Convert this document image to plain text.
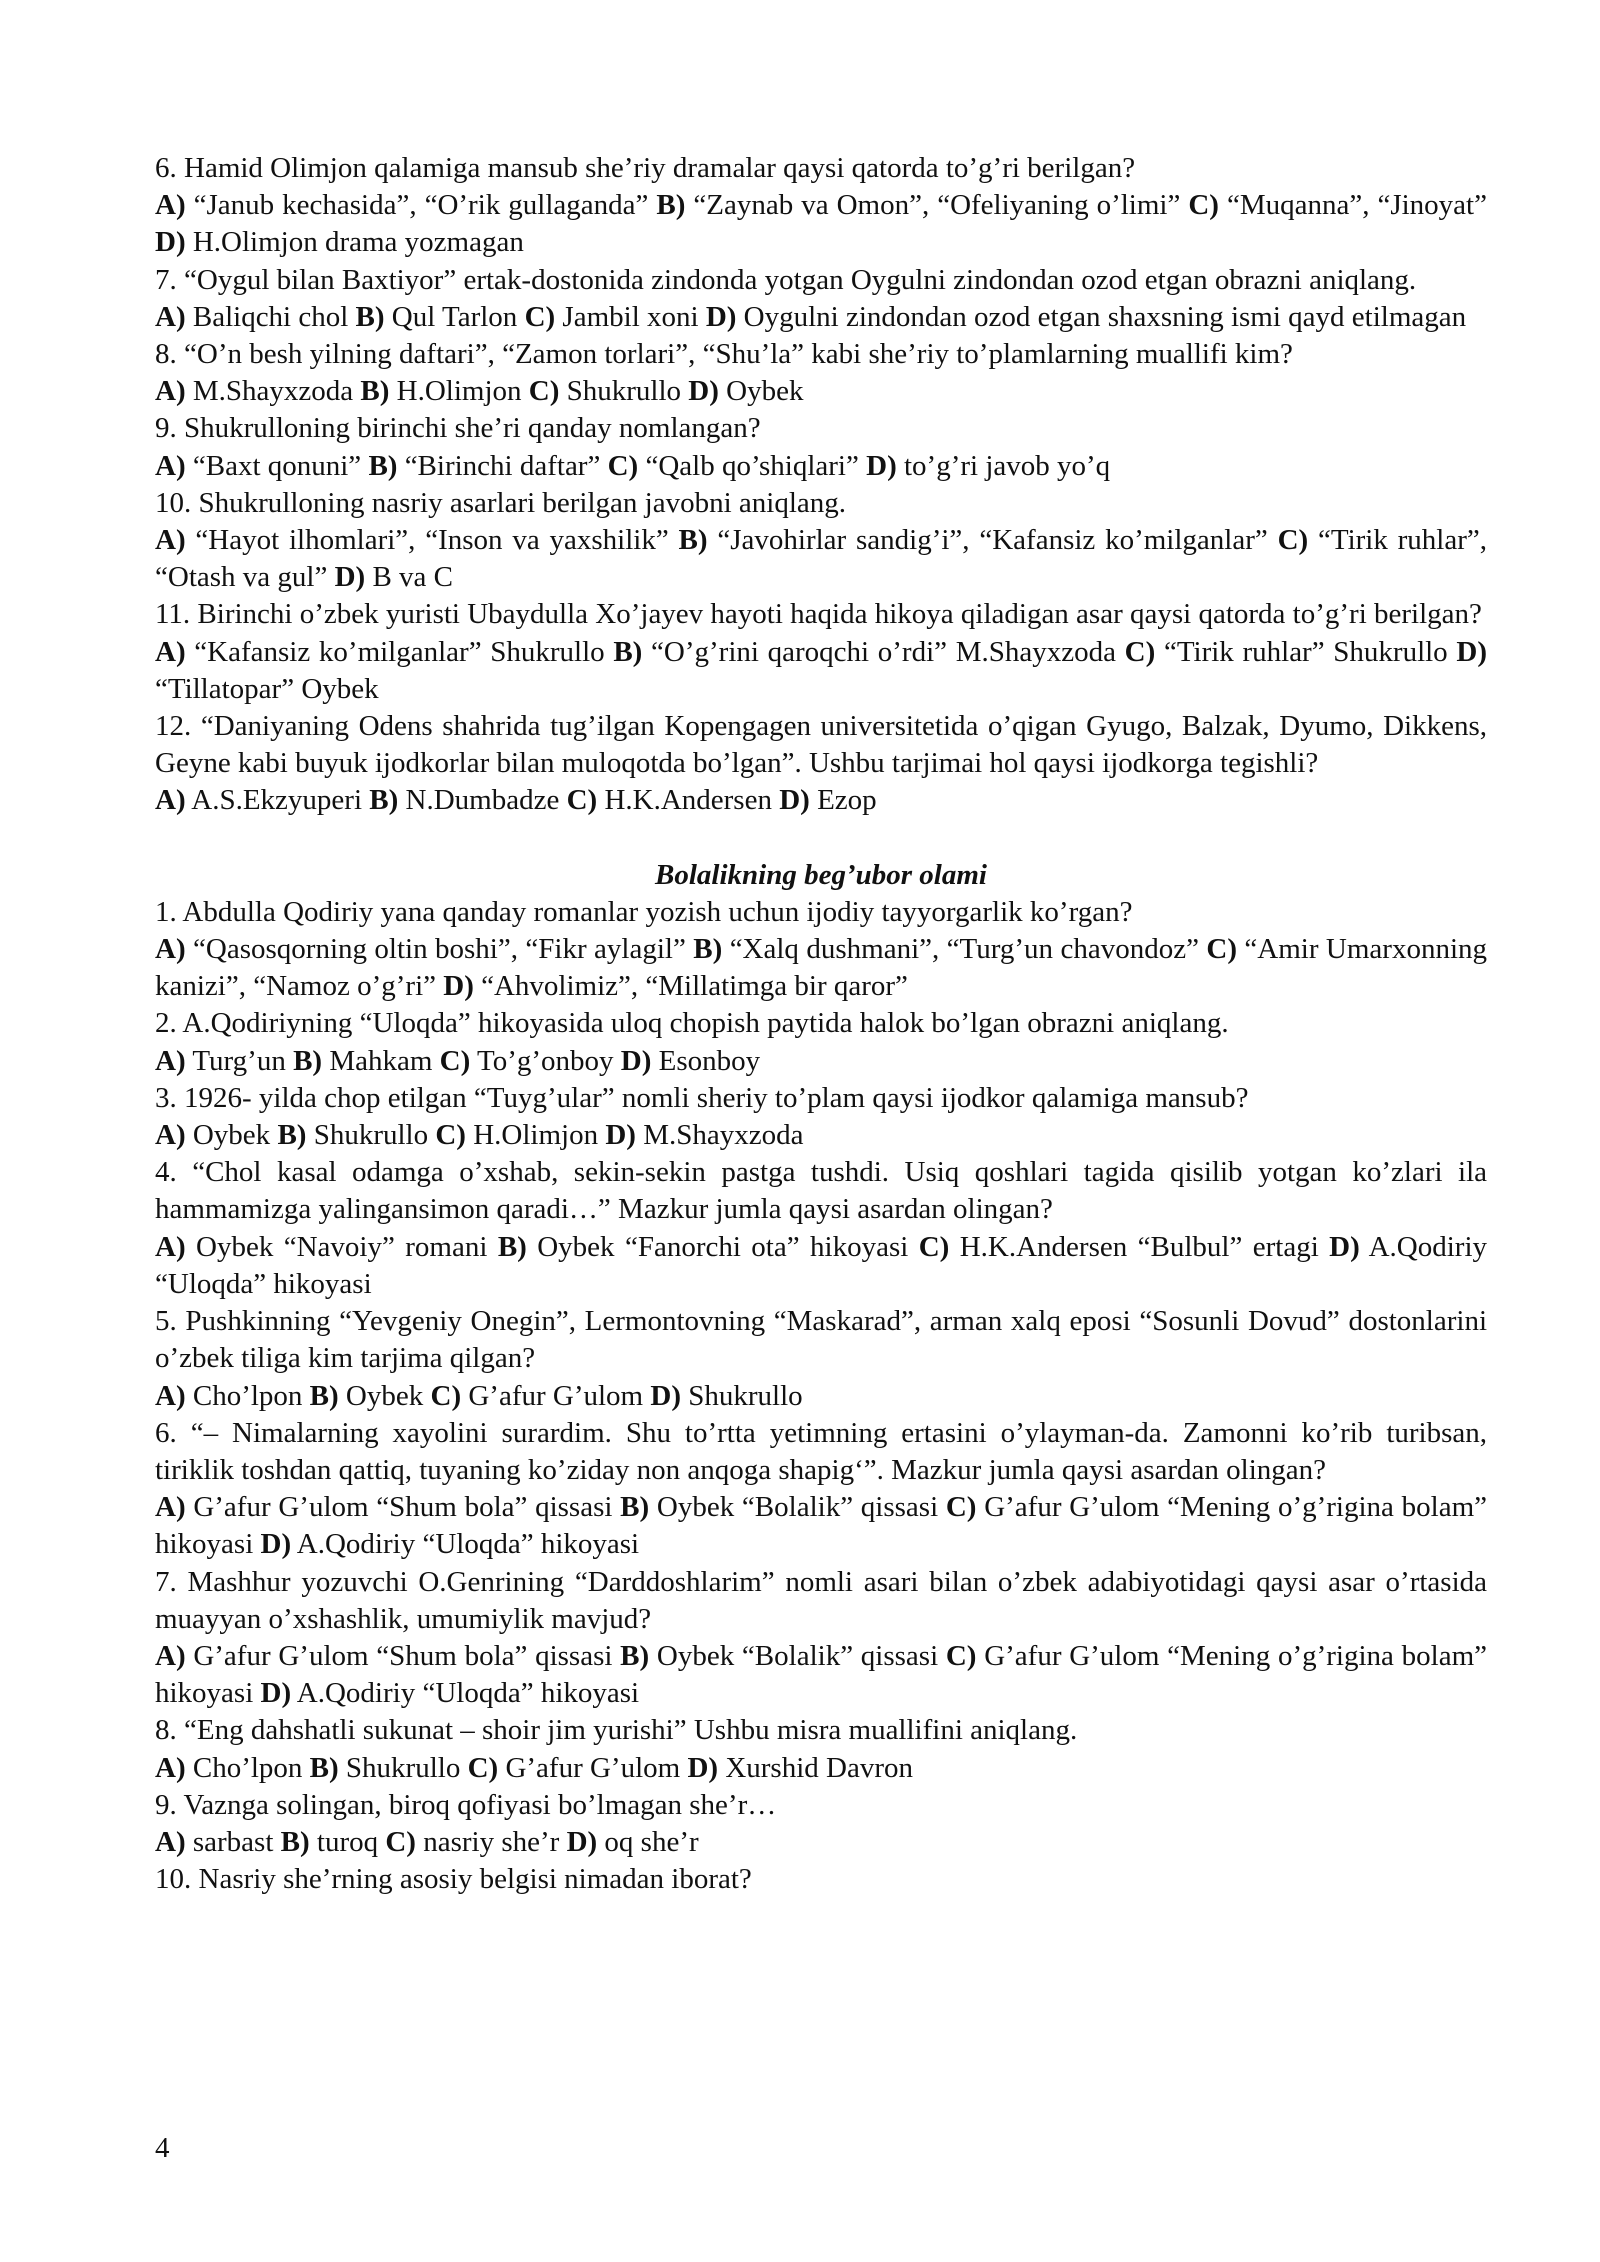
6. Hamid Olimjon qalamiga mansub she’riy dramalar qaysi qatorda to’g’ri berilgan?

A) “Janub kechasida”, “O’rik gullaganda” B) “Zaynab va Omon”, “Ofeliyaning o’limi” C) “Muqanna”, “Jinoyat” D) H.Olimjon drama yozmagan

7. “Oygul bilan Baxtiyor” ertak-dostonida zindonda yotgan Oygulni zindondan ozod etgan obrazni aniqlang.

A) Baliqchi chol B) Qul Tarlon C) Jambil xoni D) Oygulni zindondan ozod etgan shaxsning ismi qayd etilmagan

8. “O’n besh yilning daftari”, “Zamon torlari”, “Shu’la” kabi she’riy to’plamlarning muallifi kim?

A) M.Shayxzoda B) H.Olimjon C) Shukrullo D) Oybek

9. Shukrulloning birinchi she’ri qanday nomlangan?

A) “Baxt qonuni” B) “Birinchi daftar” C) “Qalb qo’shiqlari” D) to’g’ri javob yo’q

10. Shukrulloning nasriy asarlari berilgan javobni aniqlang.

A) “Hayot ilhomlari”, “Inson va yaxshilik” B) “Javohirlar sandig’i”, “Kafansiz ko’milganlar” C) “Tirik ruhlar”, “Otash va gul” D) B va C

11. Birinchi o’zbek yuristi Ubaydulla Xo’jayev hayoti haqida hikoya qiladigan asar qaysi qatorda to’g’ri berilgan?

A) “Kafansiz ko’milganlar” Shukrullo B) “O’g’rini qaroqchi o’rdi” M.Shayxzoda C) “Tirik ruhlar” Shukrullo D) “Tillatopar” Oybek

12. “Daniyaning Odens shahrida tug’ilgan Kopengagen universitetida o’qigan Gyugo, Balzak, Dyumo, Dikkens, Geyne kabi buyuk ijodkorlar bilan muloqotda bo’lgan”. Ushbu tarjimai hol qaysi ijodkorga tegishli?

A) A.S.Ekzyuperi B) N.Dumbadze C) H.K.Andersen D) Ezop

Bolalikning beg’ubor olami

1. Abdulla Qodiriy yana qanday romanlar yozish uchun ijodiy tayyorgarlik ko’rgan?

A) “Qasosqorning oltin boshi”, “Fikr aylagil” B) “Xalq dushmani”, “Turg’un chavondoz” C) “Amir Umarxonning kanizi”, “Namoz o’g’ri” D) “Ahvolimiz”, “Millatimga bir qaror”

2. A.Qodiriyning “Uloqda” hikoyasida uloq chopish paytida halok bo’lgan obrazni aniqlang.

A) Turg’un B) Mahkam C) To’g’onboy D) Esonboy

3. 1926- yilda chop etilgan “Tuyg’ular” nomli sheriy to’plam qaysi ijodkor qalamiga mansub?

A) Oybek B) Shukrullo C) H.Olimjon D) M.Shayxzoda

4. “Chol kasal odamga o’xshab, sekin-sekin pastga tushdi. Usiq qoshlari tagida qisilib yotgan ko’zlari ila hammamizga yalingansimon qaradi…” Mazkur jumla qaysi asardan olingan?

A) Oybek “Navoiy” romani B) Oybek “Fanorchi ota” hikoyasi C) H.K.Andersen “Bulbul” ertagi D) A.Qodiriy “Uloqda” hikoyasi

5. Pushkinning “Yevgeniy Onegin”, Lermontovning “Maskarad”, arman xalq eposi “Sosunli Dovud” dostonlarini o’zbek tiliga kim tarjima qilgan?

A) Cho’lpon B) Oybek C) G’afur G’ulom D) Shukrullo

6. “– Nimalarning xayolini surardim. Shu to’rtta yetimning ertasini o’ylayman-da. Zamonni ko’rib turibsan, tiriklik toshdan qattiq, tuyaning ko’ziday non anqoga shapig‘”. Mazkur jumla qaysi asardan olingan?

A) G’afur G’ulom “Shum bola” qissasi B) Oybek “Bolalik” qissasi C) G’afur G’ulom “Mening o’g’rigina bolam” hikoyasi D) A.Qodiriy “Uloqda” hikoyasi

7. Mashhur yozuvchi O.Genrining “Darddoshlarim” nomli asari bilan o’zbek adabiyotidagi qaysi asar o’rtasida muayyan o’xshashlik, umumiylik mavjud?

A) G’afur G’ulom “Shum bola” qissasi B) Oybek “Bolalik” qissasi C) G’afur G’ulom “Mening o’g’rigina bolam” hikoyasi D) A.Qodiriy “Uloqda” hikoyasi

8. “Eng dahshatli sukunat – shoir jim yurishi” Ushbu misra muallifini aniqlang.

A) Cho’lpon B) Shukrullo C) G’afur G’ulom D) Xurshid Davron

9. Vaznga solingan, biroq qofiyasi bo’lmagan she’r…

A) sarbast B) turoq C) nasriy she’r D) oq she’r

10. Nasriy she’rning asosiy belgisi nimadan iborat?

4
